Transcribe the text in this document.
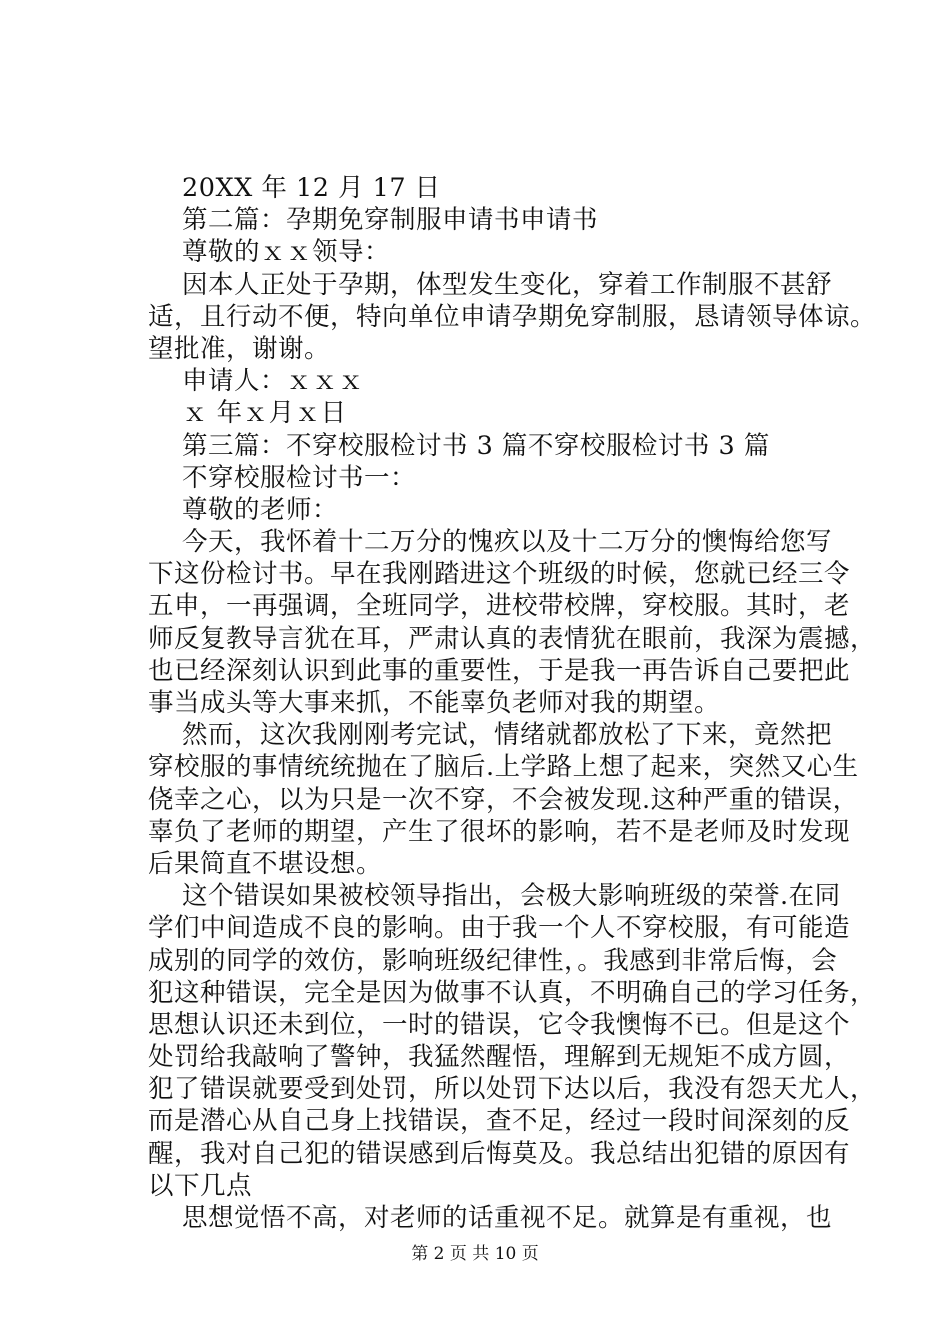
20XX 年 12 月 17 日
第二篇：孕期免穿制服申请书申请书
尊敬的ｘｘ领导：
因本人正处于孕期，体型发生变化，穿着工作制服不甚舒
适，且行动不便，特向单位申请孕期免穿制服，恳请领导体谅。
望批准，谢谢。
申请人：ｘｘｘ
ｘ 年ｘ月ｘ日
第三篇：不穿校服检讨书 3 篇不穿校服检讨书 3 篇
不穿校服检讨书一：
尊敬的老师：
今天，我怀着十二万分的愧疚以及十二万分的懊悔给您写
下这份检讨书。早在我刚踏进这个班级的时候，您就已经三令
五申，一再强调，全班同学，进校带校牌，穿校服。其时，老
师反复教导言犹在耳，严肃认真的表情犹在眼前，我深为震撼，
也已经深刻认识到此事的重要性，于是我一再告诉自己要把此
事当成头等大事来抓，不能辜负老师对我的期望。
然而，这次我刚刚考完试，情绪就都放松了下来，竟然把
穿校服的事情统统抛在了脑后.上学路上想了起来，突然又心生
侥幸之心，以为只是一次不穿，不会被发现.这种严重的错误，
辜负了老师的期望，产生了很坏的影响，若不是老师及时发现
后果简直不堪设想。
这个错误如果被校领导指出，会极大影响班级的荣誉.在同
学们中间造成不良的影响。由于我一个人不穿校服，有可能造
成别的同学的效仿，影响班级纪律性，。我感到非常后悔，会
犯这种错误，完全是因为做事不认真，不明确自己的学习任务，
思想认识还未到位，一时的错误，它令我懊悔不已。但是这个
处罚给我敲响了警钟，我猛然醒悟，理解到无规矩不成方圆，
犯了错误就要受到处罚，所以处罚下达以后，我没有怨天尤人，
而是潜心从自己身上找错误，查不足，经过一段时间深刻的反
醒，我对自己犯的错误感到后悔莫及。我总结出犯错的原因有
以下几点
思想觉悟不高，对老师的话重视不足。就算是有重视，也
第 2 页 共 10 页
